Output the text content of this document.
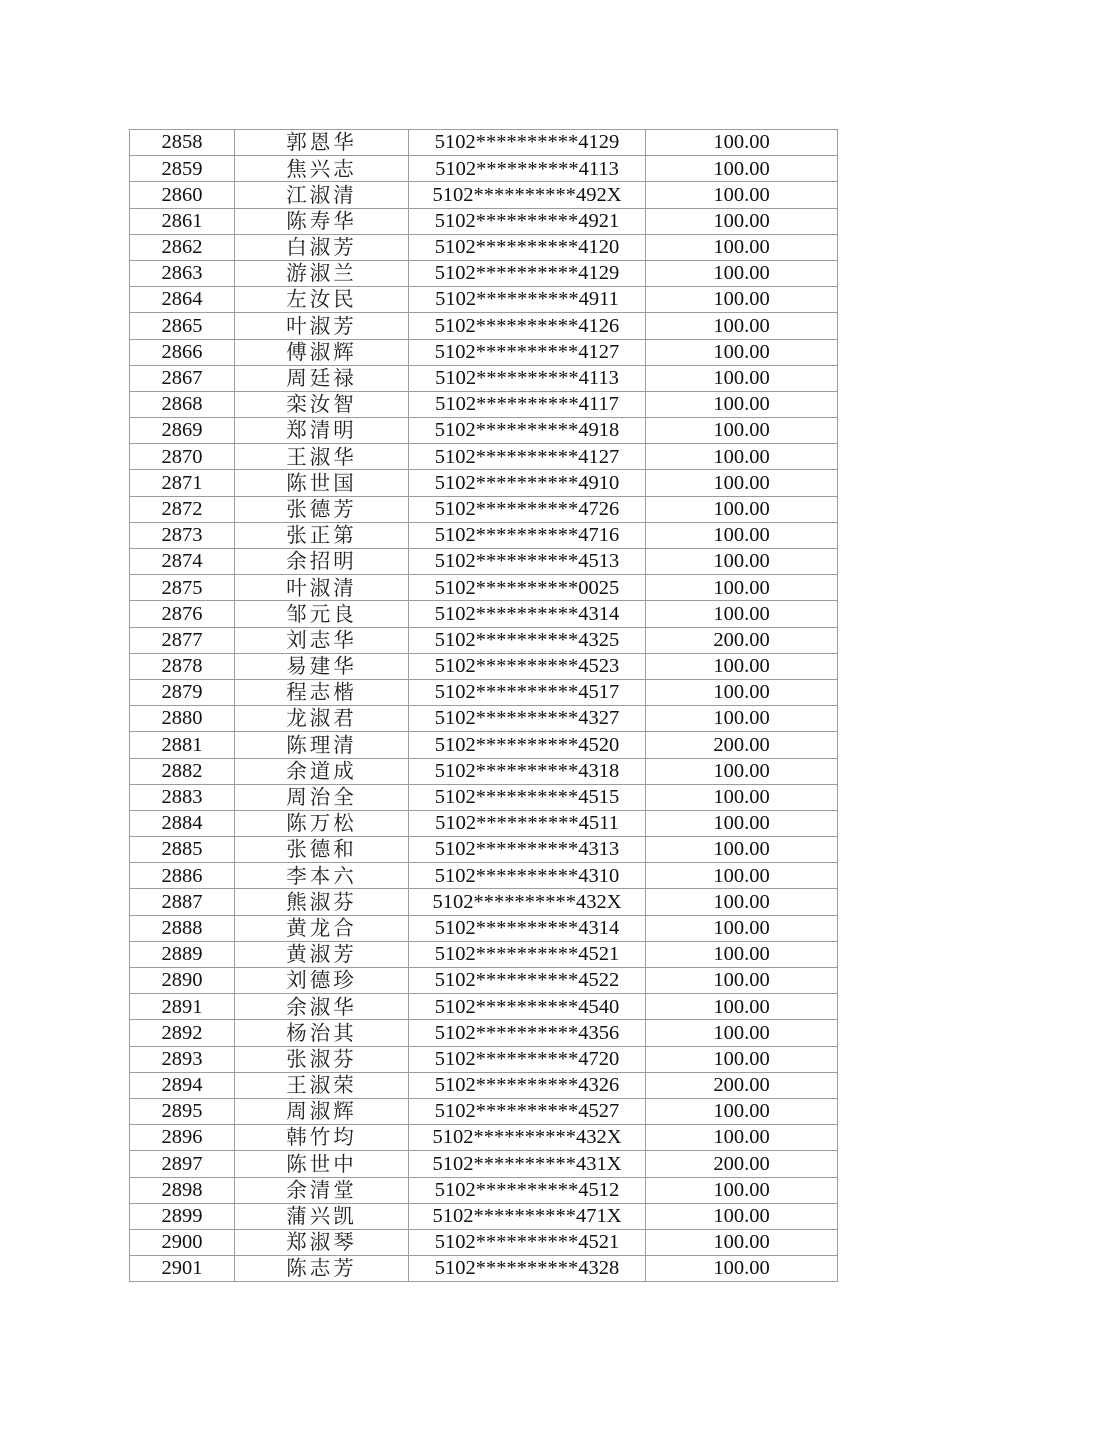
2858	郭恩华	5102**********4129	100.00
2859	焦兴志	5102**********4113	100.00
2860	江淑清	5102**********492X	100.00
2861	陈寿华	5102**********4921	100.00
2862	白淑芳	5102**********4120	100.00
2863	游淑兰	5102**********4129	100.00
2864	左汝民	5102**********4911	100.00
2865	叶淑芳	5102**********4126	100.00
2866	傅淑辉	5102**********4127	100.00
2867	周廷禄	5102**********4113	100.00
2868	栾汝智	5102**********4117	100.00
2869	郑清明	5102**********4918	100.00
2870	王淑华	5102**********4127	100.00
2871	陈世国	5102**********4910	100.00
2872	张德芳	5102**********4726	100.00
2873	张正第	5102**********4716	100.00
2874	余招明	5102**********4513	100.00
2875	叶淑清	5102**********0025	100.00
2876	邹元良	5102**********4314	100.00
2877	刘志华	5102**********4325	200.00
2878	易建华	5102**********4523	100.00
2879	程志楷	5102**********4517	100.00
2880	龙淑君	5102**********4327	100.00
2881	陈理清	5102**********4520	200.00
2882	余道成	5102**********4318	100.00
2883	周治全	5102**********4515	100.00
2884	陈万松	5102**********4511	100.00
2885	张德和	5102**********4313	100.00
2886	李本六	5102**********4310	100.00
2887	熊淑芬	5102**********432X	100.00
2888	黄龙合	5102**********4314	100.00
2889	黄淑芳	5102**********4521	100.00
2890	刘德珍	5102**********4522	100.00
2891	余淑华	5102**********4540	100.00
2892	杨治其	5102**********4356	100.00
2893	张淑芬	5102**********4720	100.00
2894	王淑荣	5102**********4326	200.00
2895	周淑辉	5102**********4527	100.00
2896	韩竹均	5102**********432X	100.00
2897	陈世中	5102**********431X	200.00
2898	余清堂	5102**********4512	100.00
2899	蒲兴凯	5102**********471X	100.00
2900	郑淑琴	5102**********4521	100.00
2901	陈志芳	5102**********4328	100.00
